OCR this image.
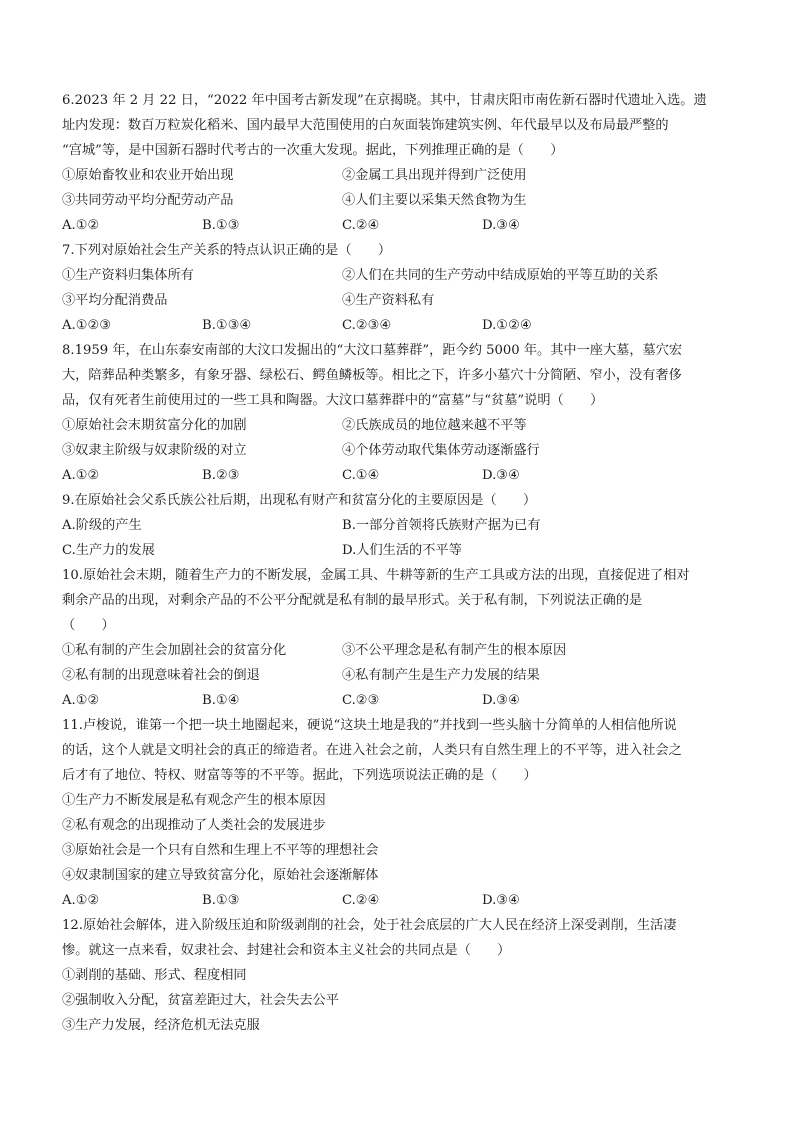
6.2023 年 2 月 22 日，“2022 年中国考古新发现”在京揭晓。其中，甘肃庆阳市南佐新石器时代遗址入选。遗
址内发现：数百万粒炭化稻米、国内最早大范围使用的白灰面装饰建筑实例、年代最早以及布局最严整的
“宫城”等，是中国新石器时代考古的一次重大发现。据此，下列推理正确的是（　　）
①原始畜牧业和农业开始出现	②金属工具出现并得到广泛使用
③共同劳动平均分配劳动产品	④人们主要以采集天然食物为生
A.①②	B.①③	C.②④	D.③④
7.下列对原始社会生产关系的特点认识正确的是（　　）
①生产资料归集体所有	②人们在共同的生产劳动中结成原始的平等互助的关系
③平均分配消费品	④生产资料私有
A.①②③	B.①③④	C.②③④	D.①②④
8.1959 年，在山东泰安南部的大汶口发掘出的“大汶口墓葬群”，距今约 5000 年。其中一座大墓，墓穴宏
大，陪葬品种类繁多，有象牙器、绿松石、鳄鱼鳞板等。相比之下，许多小墓穴十分简陋、窄小，没有奢侈
品，仅有死者生前使用过的一些工具和陶器。大汶口墓葬群中的“富墓”与“贫墓”说明（　　）
①原始社会末期贫富分化的加剧	②氏族成员的地位越来越不平等
③奴隶主阶级与奴隶阶级的对立	④个体劳动取代集体劳动逐渐盛行
A.①②	B.②③	C.①④	D.③④
9.在原始社会父系氏族公社后期，出现私有财产和贫富分化的主要原因是（　　）
A.阶级的产生	B.一部分首领将氏族财产据为已有
C.生产力的发展	D.人们生活的不平等
10.原始社会末期，随着生产力的不断发展，金属工具、牛耕等新的生产工具或方法的出现，直接促进了相对
剩余产品的出现，对剩余产品的不公平分配就是私有制的最早形式。关于私有制，下列说法正确的是
（　　）
①私有制的产生会加剧社会的贫富分化	③不公平理念是私有制产生的根本原因
②私有制的出现意味着社会的倒退	④私有制产生是生产力发展的结果
A.①②	B.①④	C.②③	D.③④
11.卢梭说，谁第一个把一块土地圈起来，硬说“这块土地是我的”并找到一些头脑十分简单的人相信他所说
的话，这个人就是文明社会的真正的缔造者。在进入社会之前，人类只有自然生理上的不平等，进入社会之
后才有了地位、特权、财富等等的不平等。据此，下列选项说法正确的是（　　）
①生产力不断发展是私有观念产生的根本原因
②私有观念的出现推动了人类社会的发展进步
③原始社会是一个只有自然和生理上不平等的理想社会
④奴隶制国家的建立导致贫富分化，原始社会逐渐解体
A.①②	B.①③	C.②④	D.③④
12.原始社会解体，进入阶级压迫和阶级剥削的社会，处于社会底层的广大人民在经济上深受剥削，生活凄
惨。就这一点来看，奴隶社会、封建社会和资本主义社会的共同点是（　　）
①剥削的基础、形式、程度相同
②强制收入分配，贫富差距过大，社会失去公平
③生产力发展，经济危机无法克服
